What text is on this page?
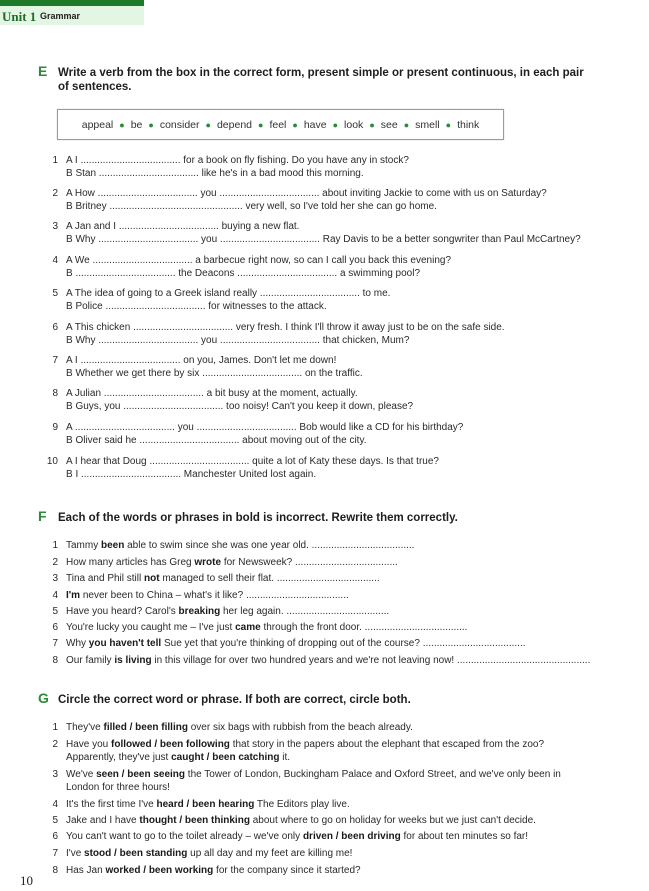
Unit 1 Grammar
E Write a verb from the box in the correct form, present simple or present continuous, in each pair
of sentences.
appeal ● be ● consider ● depend ● feel ● have ● look ● see ● smell ● think
1 A I .................................... for a book on fly fishing. Do you have any in stock?
B Stan .................................... like he's in a bad mood this morning.
2 A How .................................... you .................................... about inviting Jackie to come with us on Saturday?
B Britney ................................................ very well, so I've told her she can go home.
3 A Jan and I .................................... buying a new flat.
B Why .................................... you .................................... Ray Davis to be a better songwriter than Paul McCartney?
4 A We .................................... a barbecue right now, so can I call you back this evening?
B .................................... the Deacons .................................... a swimming pool?
5 A The idea of going to a Greek island really .................................... to me.
B Police .................................... for witnesses to the attack.
6 A This chicken .................................... very fresh. I think I'll throw it away just to be on the safe side.
B Why .................................... you .................................... that chicken, Mum?
7 A I .................................... on you, James. Don't let me down!
B Whether we get there by six .................................... on the traffic.
8 A Julian .................................... a bit busy at the moment, actually.
B Guys, you .................................... too noisy! Can't you keep it down, please?
9 A .................................... you .................................... Bob would like a CD for his birthday?
B Oliver said he .................................... about moving out of the city.
10 A I hear that Doug .................................... quite a lot of Katy these days. Is that true?
B I .................................... Manchester United lost again.
F Each of the words or phrases in bold is incorrect. Rewrite them correctly.
1 Tammy been able to swim since she was one year old. .....................................
2 How many articles has Greg wrote for Newsweek? .....................................
3 Tina and Phil still not managed to sell their flat. .....................................
4 I'm never been to China – what's it like? .....................................
5 Have you heard? Carol's breaking her leg again. .....................................
6 You're lucky you caught me – I've just came through the front door. .....................................
7 Why you haven't tell Sue yet that you're thinking of dropping out of the course? .....................................
8 Our family is living in this village for over two hundred years and we're not leaving now! ................................................
G Circle the correct word or phrase. If both are correct, circle both.
1 They've filled / been filling over six bags with rubbish from the beach already.
2 Have you followed / been following that story in the papers about the elephant that escaped from the zoo?
Apparently, they've just caught / been catching it.
3 We've seen / been seeing the Tower of London, Buckingham Palace and Oxford Street, and we've only been in
London for three hours!
4 It's the first time I've heard / been hearing The Editors play live.
5 Jake and I have thought / been thinking about where to go on holiday for weeks but we just can't decide.
6 You can't want to go to the toilet already – we've only driven / been driving for about ten minutes so far!
7 I've stood / been standing up all day and my feet are killing me!
8 Has Jan worked / been working for the company since it started?
10
